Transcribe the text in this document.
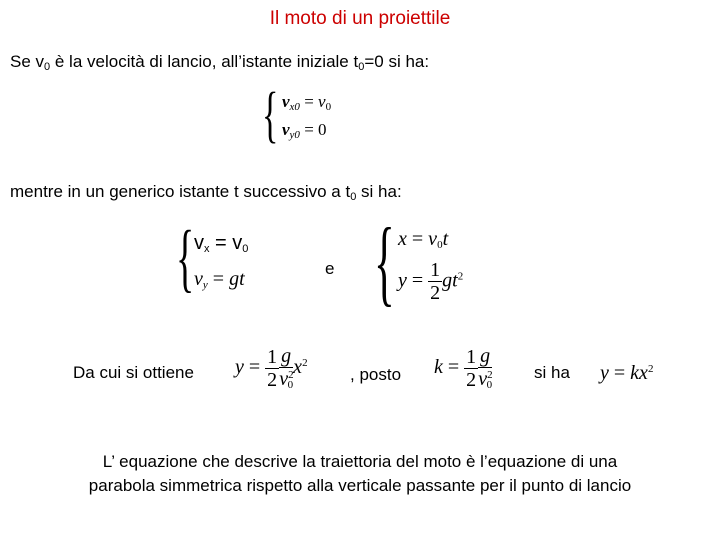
Il moto di un proiettile
Se $v_0$ è la velocità di lancio, all’istante iniziale $t_0=0$ si ha:
{ $v_{x0} = v_0$
$v_{y0} = 0$
mentre in un generico istante t successivo a $t_0$ si ha:
{ $v_x = v_0$
$v_y$ = gt	e { $x = v_0t$
$y = \frac{1}{2} gt^2$
Da cui si ottiene $y = \frac{1}{2} \frac{g}{v^2_0} x^2$
, posto $k = \frac{1}{2} \frac{g}{v^2_0}$ si ha $y = kx^2$
L’ equazione che descrive la traiettoria del moto è l’equazione di una
parabola simmetrica rispetto alla verticale passante per il punto di lancio
